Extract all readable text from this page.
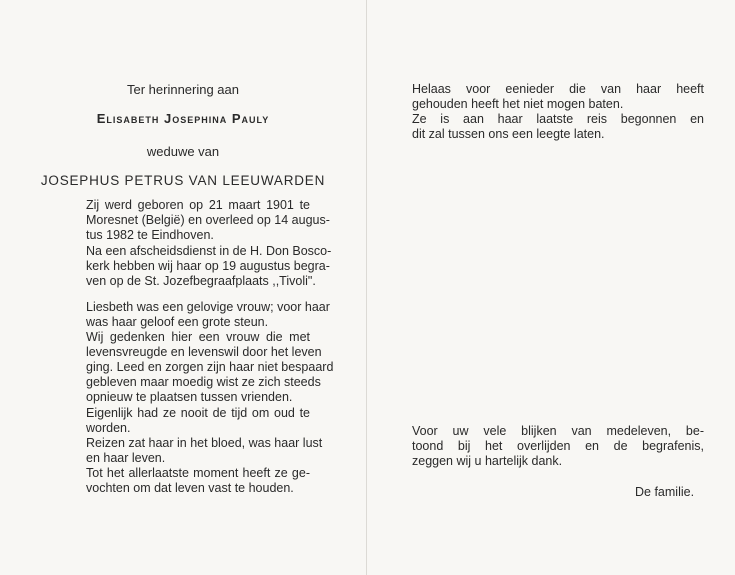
Ter herinnering aan
Elisabeth Josephina Pauly
weduwe van
JOSEPHUS PETRUS VAN LEEUWARDEN
Zij werd geboren op 21 maart 1901 te
Moresnet (België) en overleed op 14 augus-
tus 1982 te Eindhoven.
Na een afscheidsdienst in de H. Don Bosco-
kerk hebben wij haar op 19 augustus begra-
ven op de St. Jozefbegraafplaats ,,Tivoli".
Liesbeth was een gelovige vrouw; voor haar
was haar geloof een grote steun.
Wij gedenken hier een vrouw die met
levensvreugde en levenswil door het leven
ging. Leed en zorgen zijn haar niet bespaard
gebleven maar moedig wist ze zich steeds
opnieuw te plaatsen tussen vrienden.
Eigenlijk had ze nooit de tijd om oud te
worden.
Reizen zat haar in het bloed, was haar lust
en haar leven.
Tot het allerlaatste moment heeft ze ge-
vochten om dat leven vast te houden.
Helaas voor eenieder die van haar heeft
gehouden heeft het niet mogen baten.
Ze is aan haar laatste reis begonnen en
dit zal tussen ons een leegte laten.
Voor uw vele blijken van medeleven, be-
toond bij het overlijden en de begrafenis,
zeggen wij u hartelijk dank.
De familie.
